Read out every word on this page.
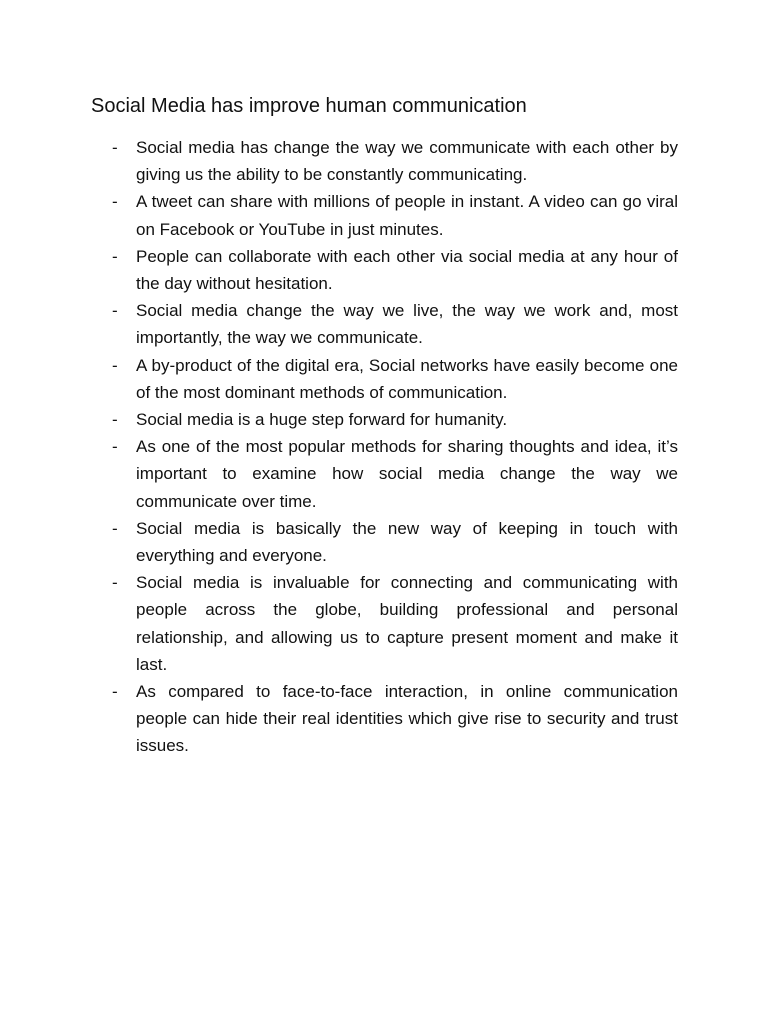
Social Media has improve human communication
- Social media has change the way we communicate with each other by giving us the ability to be constantly communicating.
- A tweet can share with millions of people in instant. A video can go viral on Facebook or YouTube in just minutes.
- People can collaborate with each other via social media at any hour of the day without hesitation.
- Social media change the way we live, the way we work and, most importantly, the way we communicate.
- A by-product of the digital era, Social networks have easily become one of the most dominant methods of communication.
- Social media is a huge step forward for humanity.
- As one of the most popular methods for sharing thoughts and idea, it’s important to examine how social media change the way we communicate over time.
- Social media is basically the new way of keeping in touch with everything and everyone.
- Social media is invaluable for connecting and communicating with people across the globe, building professional and personal relationship, and allowing us to capture present moment and make it last.
- As compared to face-to-face interaction, in online communication people can hide their real identities which give rise to security and trust issues.
